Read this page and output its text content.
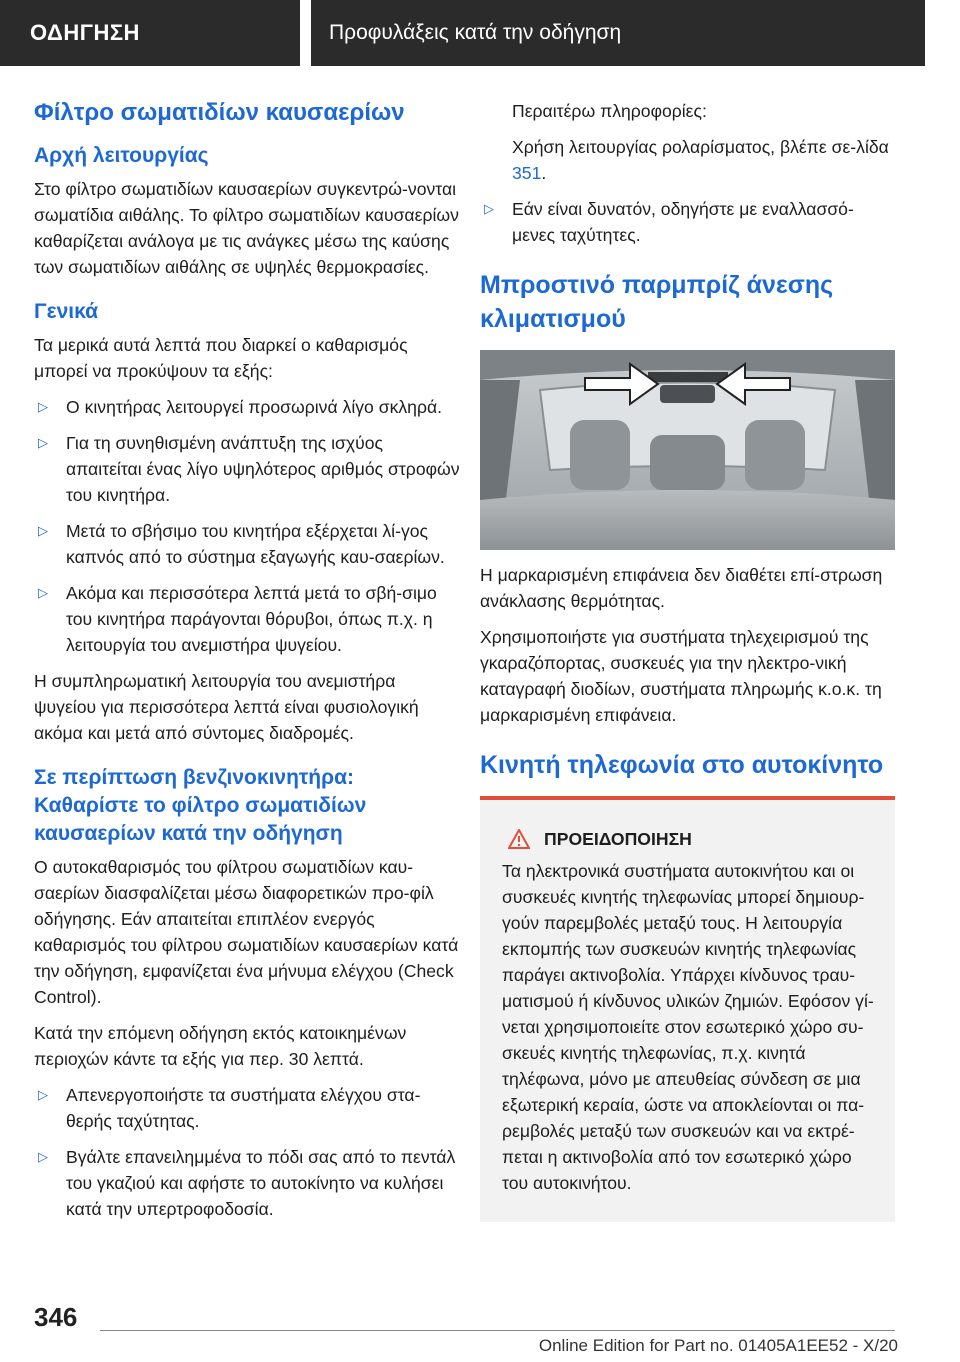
ΟΔΗΓΗΣΗ	Προφυλάξεις κατά την οδήγηση
Φίλτρο σωματιδίων καυσαερίων
Αρχή λειτουργίας

Στο φίλτρο σωματιδίων καυσαερίων συγκεντρώ-νονται σωματίδια αιθάλης. Το φίλτρο σωματιδίων καυσαερίων καθαρίζεται ανάλογα με τις ανάγκες μέσω της καύσης των σωματιδίων αιθάλης σε υψηλές θερμοκρασίες.

Γενικά

Τα μερικά αυτά λεπτά που διαρκεί ο καθαρισμός μπορεί να προκύψουν τα εξής:

▷ Ο κινητήρας λειτουργεί προσωρινά λίγο σκληρά.
▷ Για τη συνηθισμένη ανάπτυξη της ισχύος απαιτείται ένας λίγο υψηλότερος αριθμός στροφών του κινητήρα.
▷ Μετά το σβήσιμο του κινητήρα εξέρχεται λί-γος καπνός από το σύστημα εξαγωγής καυ-σαερίων.
▷ Ακόμα και περισσότερα λεπτά μετά το σβή-σιμο του κινητήρα παράγονται θόρυβοι, όπως π.χ. η λειτουργία του ανεμιστήρα ψυγείου.

Η συμπληρωματική λειτουργία του ανεμιστήρα ψυγείου για περισσότερα λεπτά είναι φυσιολογική ακόμα και μετά από σύντομες διαδρομές.

Σε περίπτωση βενζινοκινητήρα: Καθαρίστε το φίλτρο σωματιδίων καυσαερίων κατά την οδήγηση

Ο αυτοκαθαρισμός του φίλτρου σωματιδίων καυ-σαερίων διασφαλίζεται μέσω διαφορετικών προ-φίλ οδήγησης. Εάν απαιτείται επιπλέον ενεργός καθαρισμός του φίλτρου σωματιδίων καυσαερίων κατά την οδήγηση, εμφανίζεται ένα μήνυμα ελέγχου (Check Control).

Κατά την επόμενη οδήγηση εκτός κατοικημένων περιοχών κάντε τα εξής για περ. 30 λεπτά.

▷ Απενεργοποιήστε τα συστήματα ελέγχου στα-θερής ταχύτητας.
▷ Βγάλτε επανειλημμένα το πόδι σας από το πεντάλ του γκαζιού και αφήστε το αυτοκίνητο να κυλήσει κατά την υπερτροφοδοσία.

Περαιτέρω πληροφορίες:

Χρήση λειτουργίας ρολαρίσματος, βλέπε σε-λίδα 351.

▷ Εάν είναι δυνατόν, οδηγήστε με εναλλασσό-μενες ταχύτητες.
Μπροστινό παρμπρίζ άνεσης κλιματισμού

Η μαρκαρισμένη επιφάνεια δεν διαθέτει επί-στρωση ανάκλασης θερμότητας.

Χρησιμοποιήστε για συστήματα τηλεχειρισμού της γκαραζόπορτας, συσκευές για την ηλεκτρο-νική καταγραφή διοδίων, συστήματα πληρωμής κ.ο.κ. τη μαρκαρισμένη επιφάνεια.

Κινητή τηλεφωνία στο αυτοκίνητο
ΠΡΟΕΙΔΟΠΟΙΗΣΗ
Τα ηλεκτρονικά συστήματα αυτοκινήτου και οι συσκευές κινητής τηλεφωνίας μπορεί δημιουρ-γούν παρεμβολές μεταξύ τους. Η λειτουργία εκπομπής των συσκευών κινητής τηλεφωνίας παράγει ακτινοβολία. Υπάρχει κίνδυνος τραυ-ματισμού ή κίνδυνος υλικών ζημιών. Εφόσον γί-νεται χρησιμοποιείτε στον εσωτερικό χώρο συ-σκευές κινητής τηλεφωνίας, π.χ. κινητά τηλέφωνα, μόνο με απευθείας σύνδεση σε μια εξωτερική κεραία, ώστε να αποκλείονται οι πα-ρεμβολές μεταξύ των συσκευών και να εκτρέ-πεται η ακτινοβολία από τον εσωτερικό χώρο του αυτοκινήτου.
346
Online Edition for Part no. 01405A1EE52 - X/20
